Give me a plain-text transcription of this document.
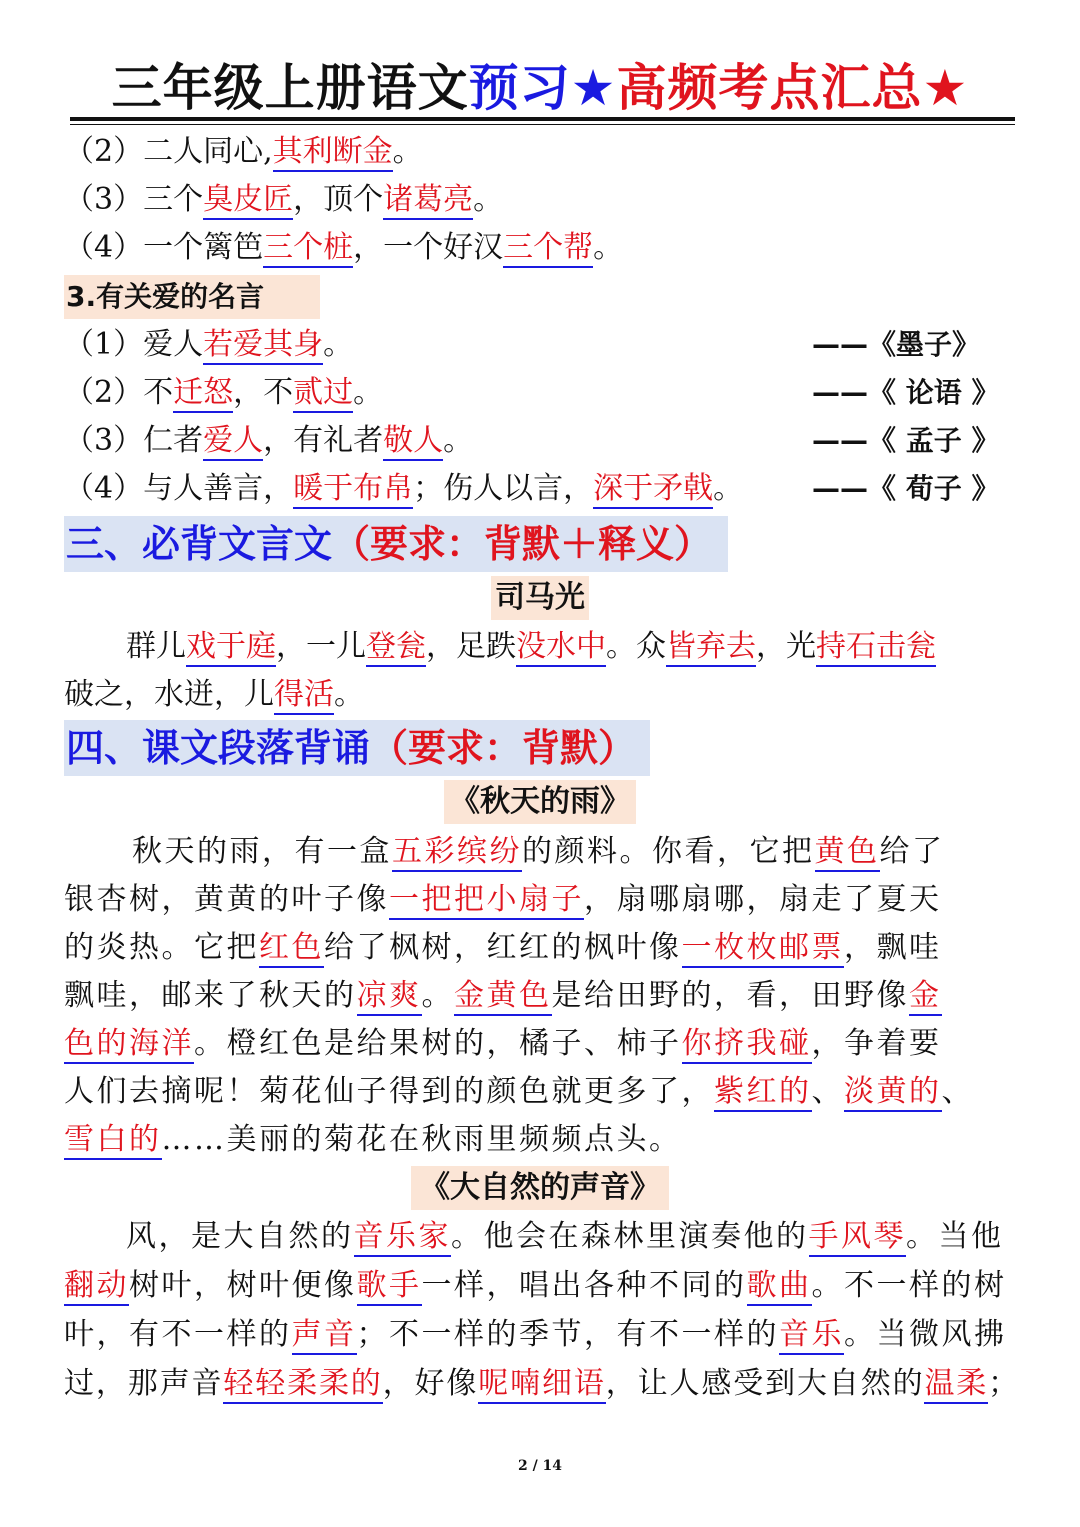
三年级上册语文预习★高频考点汇总★
（2）二人同心,其利断金。
（3）三个臭皮匠，顶个诸葛亮。
（4）一个篱笆三个桩，一个好汉三个帮。
3.有关爱的名言
（1）爱人若爱其身。	——《墨子》
（2）不迁怒，不贰过。	——《 论语 》
（3）仁者爱人，有礼者敬人。	——《 孟子 》
（4）与人善言，暖于布帛；伤人以言，深于矛戟。 ——《 荀子 》
三、必背文言文（要求：背默＋释义）
司马光
群儿戏于庭，一儿登瓮，足跌没水中。众皆弃去，光持石击瓮
破之，水迸，儿得活。
四、课文段落背诵（要求：背默）
《秋天的雨》
秋天的雨，有一盒五彩缤纷的颜料。你看，它把黄色给了
银杏树，黄黄的叶子像一把把小扇子，扇哪扇哪，扇走了夏天
的炎热。它把红色给了枫树，红红的枫叶像一枚枚邮票，飘哇
飘哇，邮来了秋天的凉爽。金黄色是给田野的，看，田野像金
色的海洋。橙红色是给果树的，橘子、柿子你挤我碰，争着要
人们去摘呢！菊花仙子得到的颜色就更多了，紫红的、淡黄的、
雪白的……美丽的菊花在秋雨里频频点头。
《大自然的声音》
风，是大自然的音乐家。他会在森林里演奏他的手风琴。当他
翻动树叶，树叶便像歌手一样，唱出各种不同的歌曲。不一样的树
叶，有不一样的声音；不一样的季节，有不一样的音乐。当微风拂
过，那声音轻轻柔柔的，好像呢喃细语，让人感受到大自然的温柔；
2 / 14
